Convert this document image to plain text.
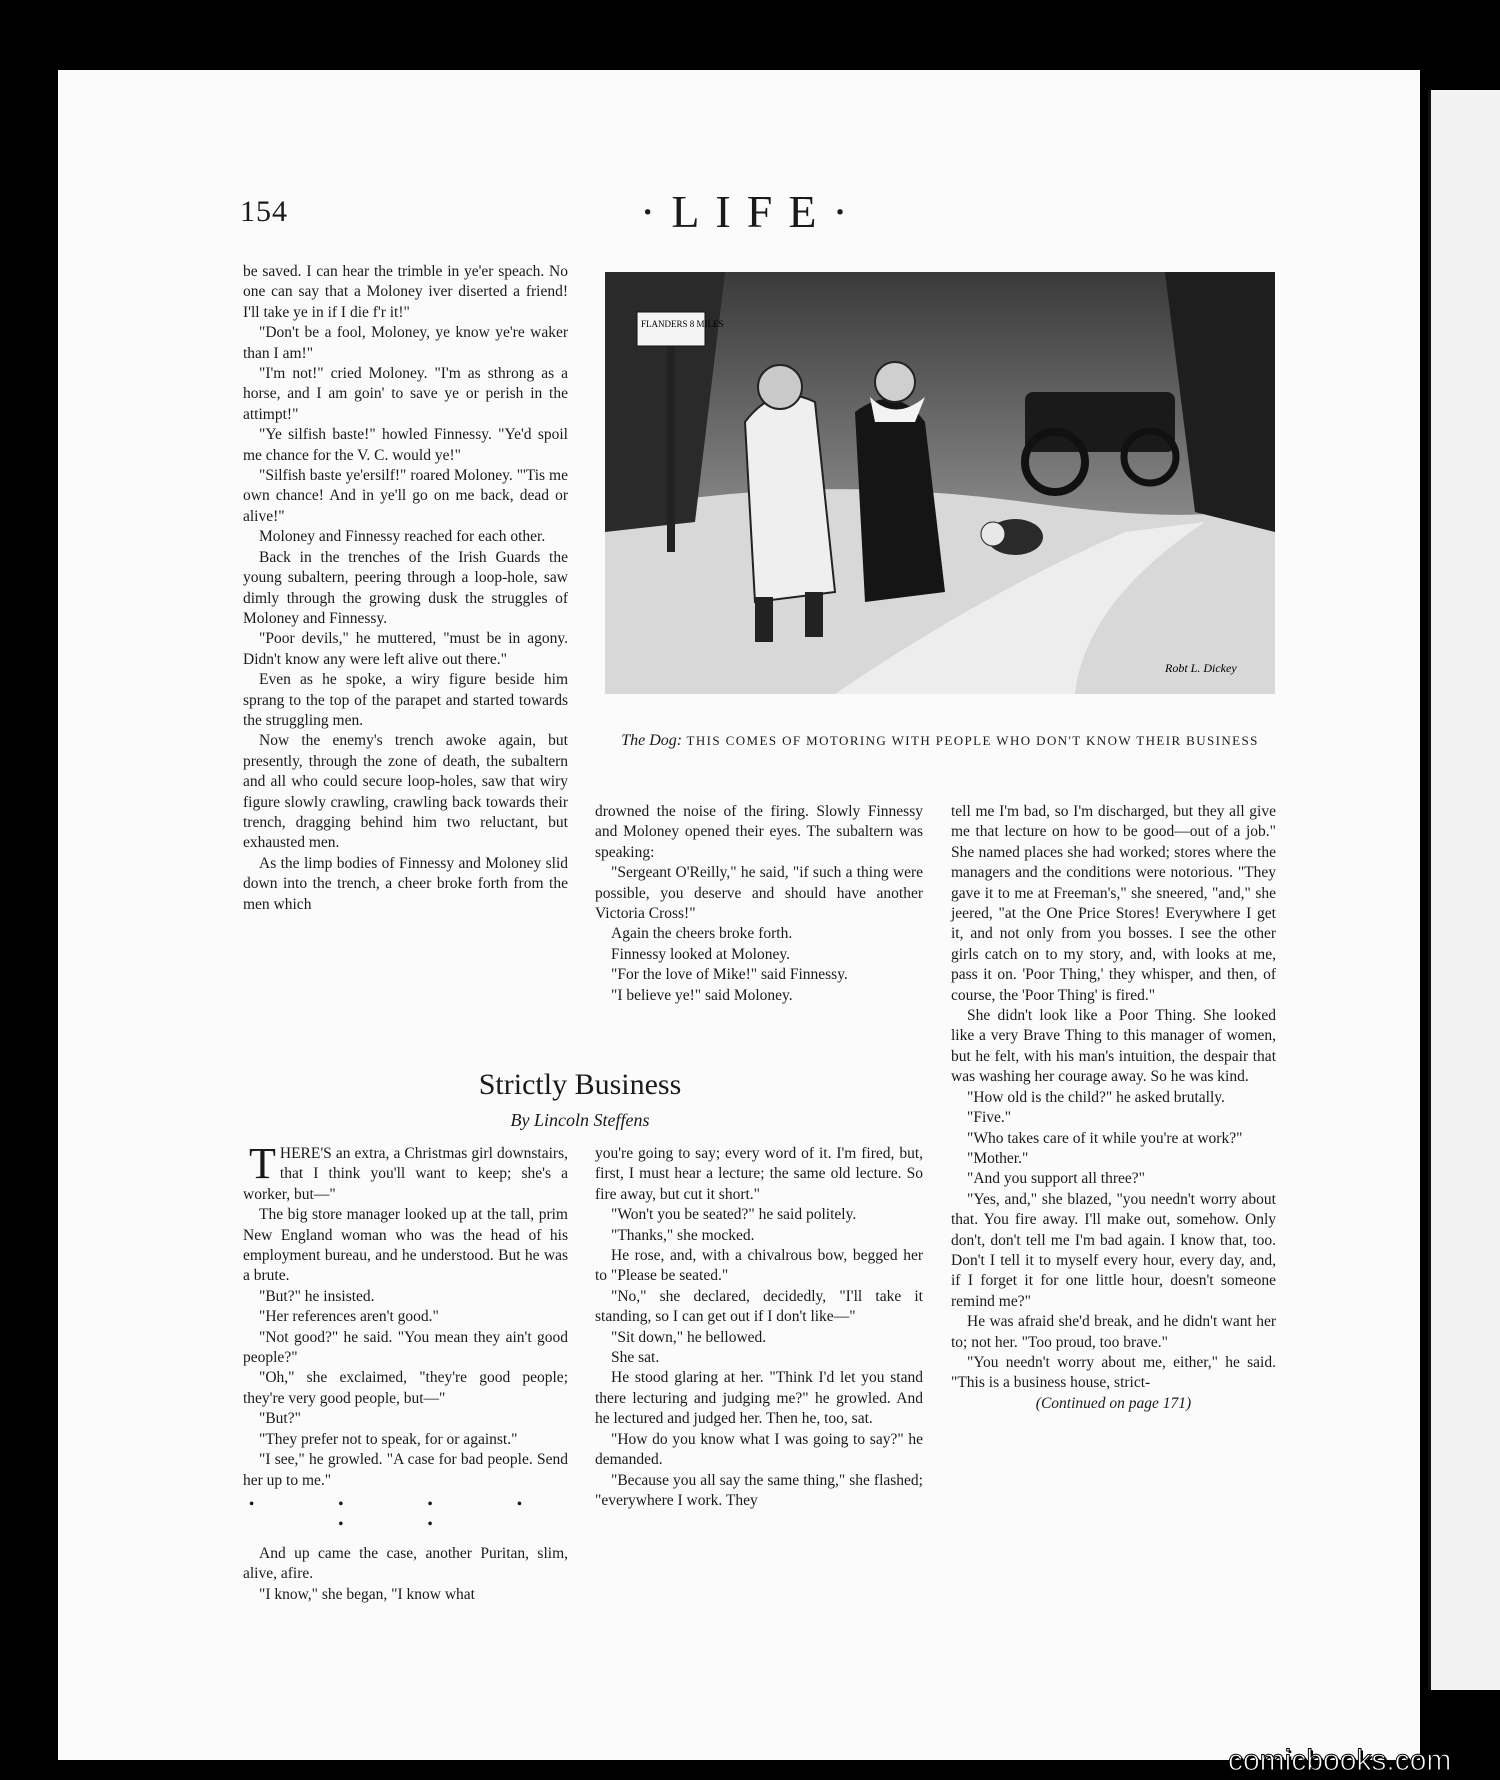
154	·LIFE·

be saved. I can hear the trimble in ye'er speach. No one can say that a Moloney iver diserted a friend! I'll take ye in if I die f'r it!"

"Don't be a fool, Moloney, ye know ye're waker than I am!"

"I'm not!" cried Moloney. "I'm as sthrong as a horse, and I am goin' to save ye or perish in the attimpt!"

"Ye silfish baste!" howled Finnessy. "Ye'd spoil me chance for the V. C. would ye!"

"Silfish baste ye'ersilf!" roared Moloney. "'Tis me own chance! And in ye'll go on me back, dead or alive!"

Moloney and Finnessy reached for each other.

Back in the trenches of the Irish Guards the young subaltern, peering through a loop-hole, saw dimly through the growing dusk the struggles of Moloney and Finnessy.

"Poor devils," he muttered, "must be in agony. Didn't know any were left alive out there."

Even as he spoke, a wiry figure beside him sprang to the top of the parapet and started towards the struggling men.

Now the enemy's trench awoke again, but presently, through the zone of death, the subaltern and all who could secure loop-holes, saw that wiry figure slowly crawling, crawling back towards their trench, dragging behind him two reluctant, but exhausted men.

As the limp bodies of Finnessy and Moloney slid down into the trench, a cheer broke forth from the men which

FLANDERS 8 MILES
Robt L. Dickey
The Dog: THIS COMES OF MOTORING WITH PEOPLE WHO DON'T KNOW THEIR BUSINESS

drowned the noise of the firing. Slowly Finnessy and Moloney opened their eyes. The subaltern was speaking:

"Sergeant O'Reilly," he said, "if such a thing were possible, you deserve and should have another Victoria Cross!"

Again the cheers broke forth.

Finnessy looked at Moloney.

"For the love of Mike!" said Finnessy.

"I believe ye!" said Moloney.

tell me I'm bad, so I'm discharged, but they all give me that lecture on how to be good—out of a job." She named places she had worked; stores where the managers and the conditions were notorious. "They gave it to me at Freeman's," she sneered, "and," she jeered, "at the One Price Stores! Everywhere I get it, and not only from you bosses. I see the other girls catch on to my story, and, with looks at me, pass it on. 'Poor Thing,' they whisper, and then, of course, the 'Poor Thing' is fired."

She didn't look like a Poor Thing. She looked like a very Brave Thing to this manager of women, but he felt, with his man's intuition, the despair that was washing her courage away. So he was kind.

"How old is the child?" he asked brutally.

"Five."

"Who takes care of it while you're at work?"

"Mother."

"And you support all three?"

"Yes, and," she blazed, "you needn't worry about that. You fire away. I'll make out, somehow. Only don't, don't tell me I'm bad again. I know that, too. Don't I tell it to myself every hour, every day, and, if I forget it for one little hour, doesn't someone remind me?"

He was afraid she'd break, and he didn't want her to; not her. "Too proud, too brave."

"You needn't worry about me, either," he said. "This is a business house, strict-

(Continued on page 171)

Strictly Business
By Lincoln Steffens

THERE'S an extra, a Christmas girl downstairs, that I think you'll want to keep; she's a worker, but—"

The big store manager looked up at the tall, prim New England woman who was the head of his employment bureau, and he understood. But he was a brute.

"But?" he insisted.

"Her references aren't good."

"Not good?" he said. "You mean they ain't good people?"

"Oh," she exclaimed, "they're good people; they're very good people, but—"

"But?"

"They prefer not to speak, for or against."

"I see," he growled. "A case for bad people. Send her up to me."

• • • • • •

And up came the case, another Puritan, slim, alive, afire.

"I know," she began, "I know what

you're going to say; every word of it. I'm fired, but, first, I must hear a lecture; the same old lecture. So fire away, but cut it short."

"Won't you be seated?" he said politely.

"Thanks," she mocked.

He rose, and, with a chivalrous bow, begged her to "Please be seated."

"No," she declared, decidedly, "I'll take it standing, so I can get out if I don't like—"

"Sit down," he bellowed.

She sat.

He stood glaring at her. "Think I'd let you stand there lecturing and judging me?" he growled. And he lectured and judged her. Then he, too, sat.

"How do you know what I was going to say?" he demanded.

"Because you all say the same thing," she flashed; "everywhere I work. They

comicbooks.com
